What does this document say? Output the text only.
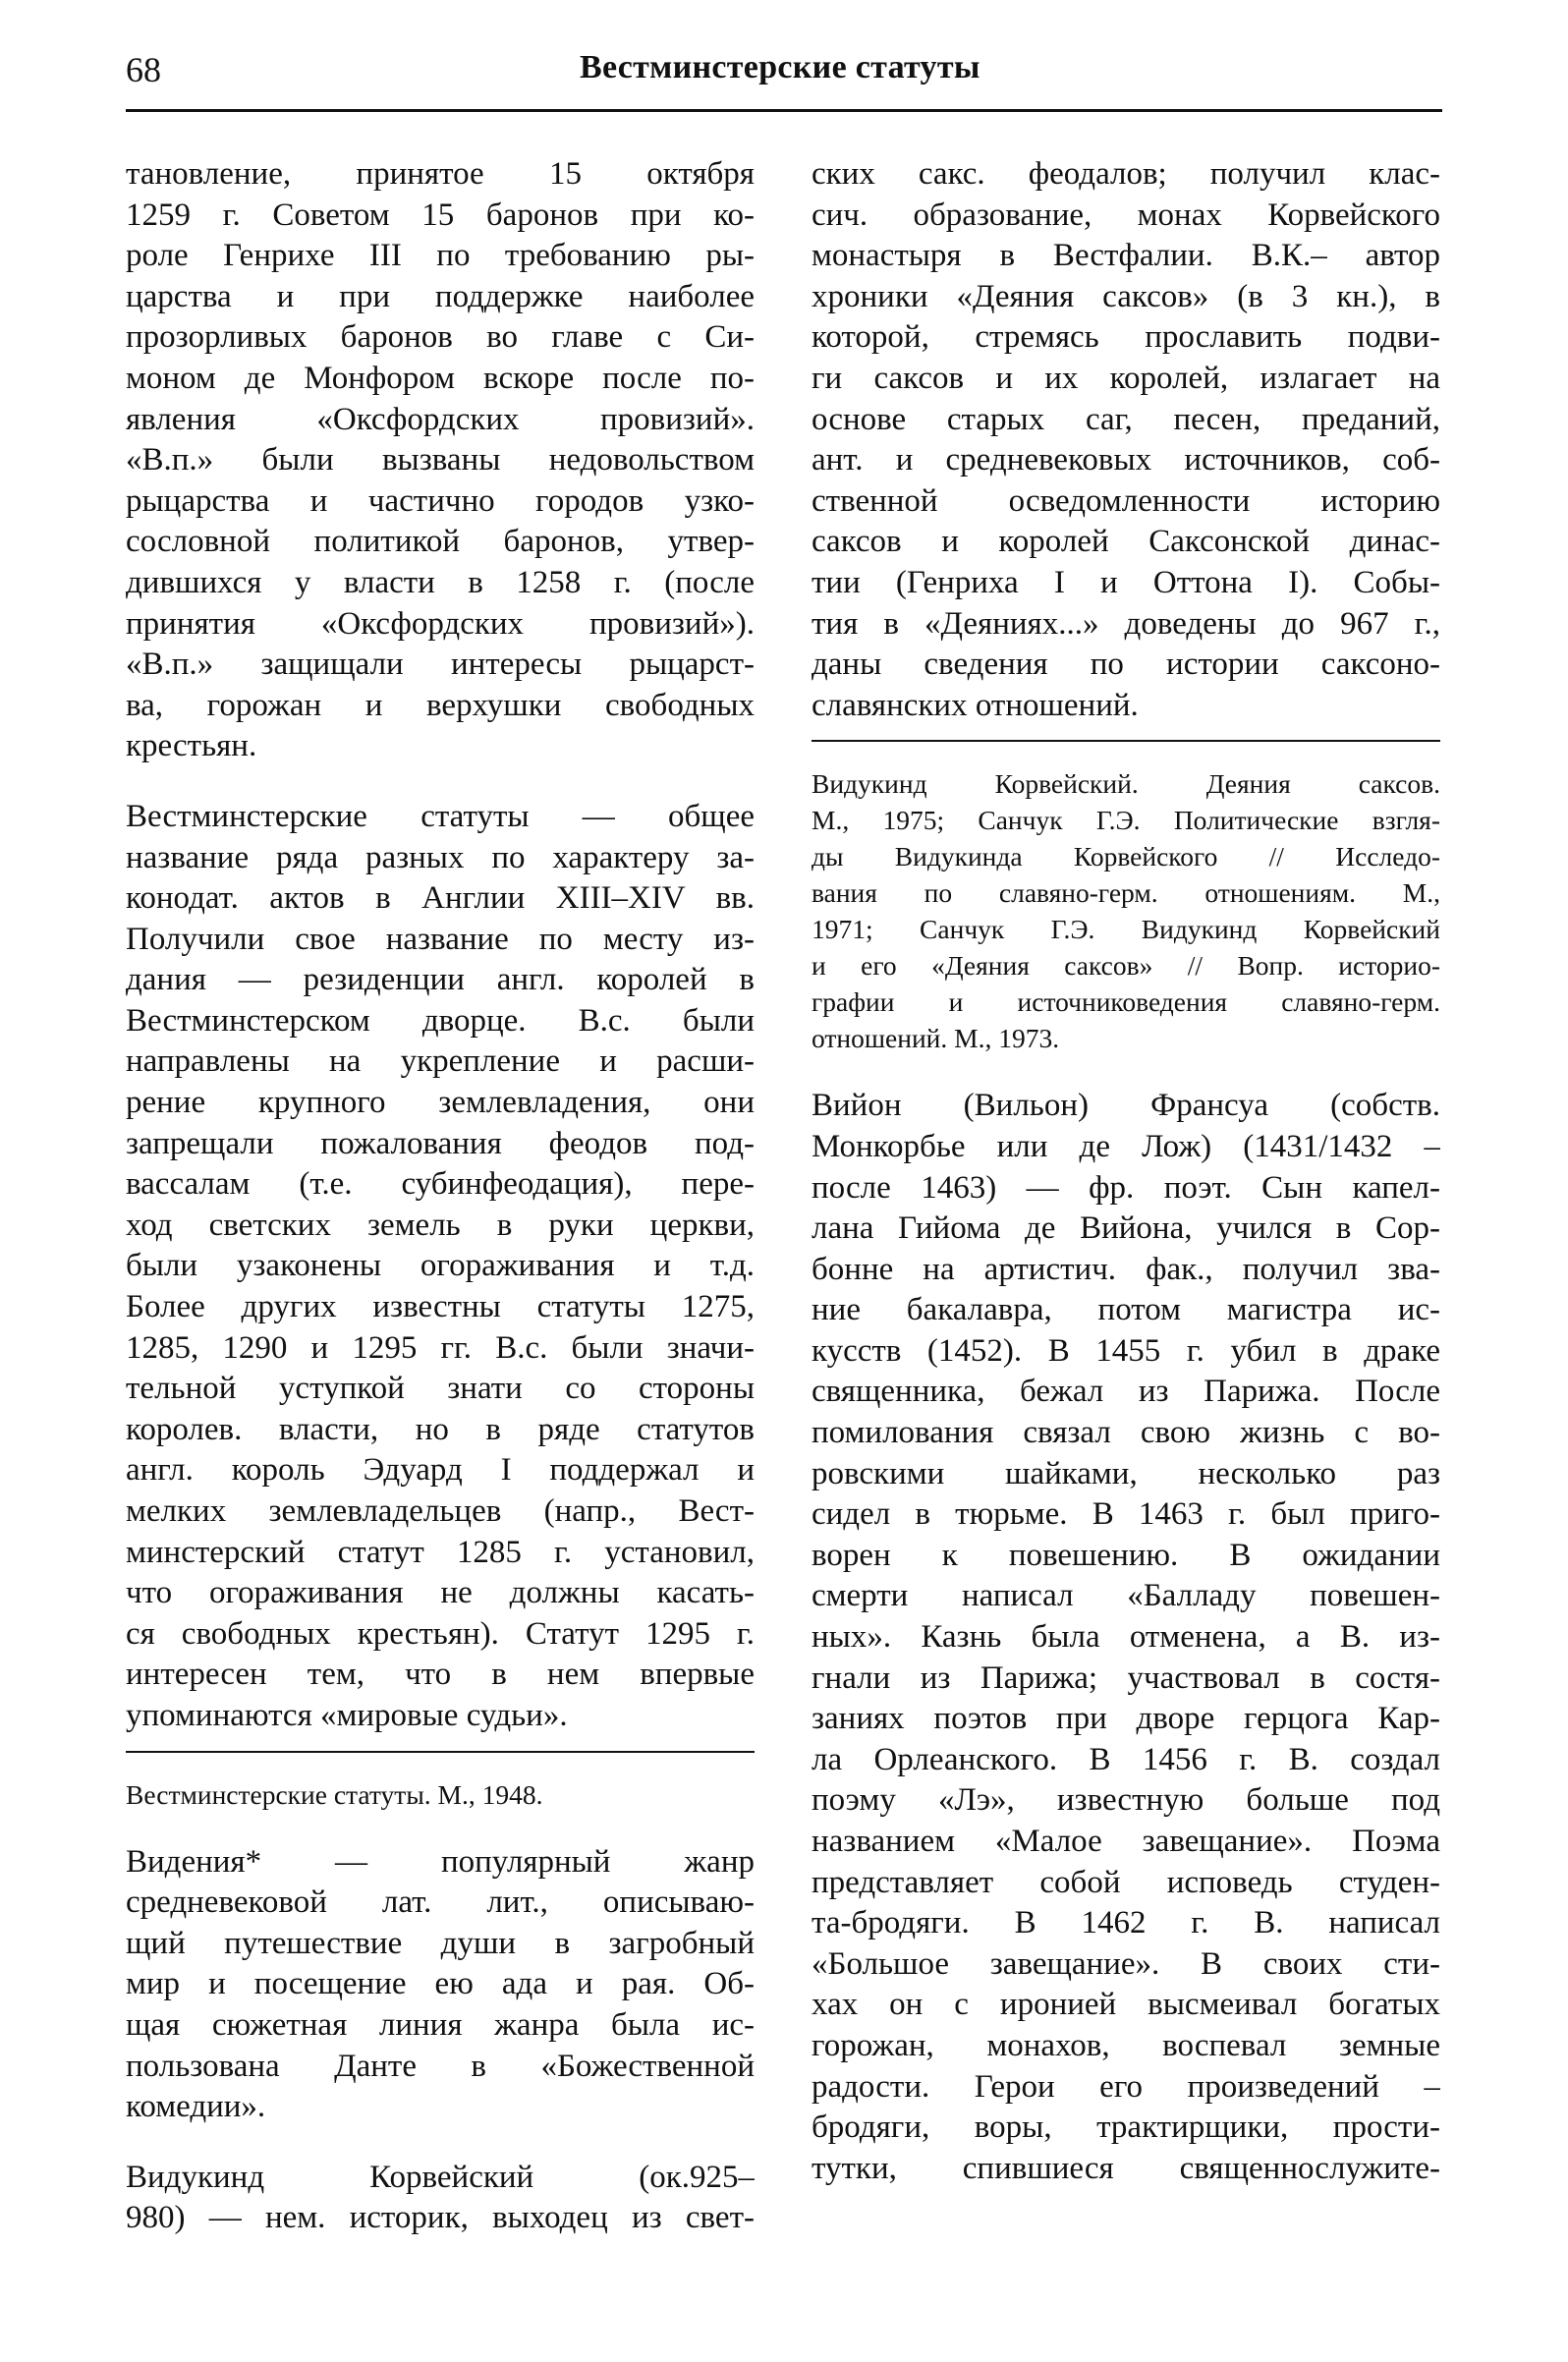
68	Вестминстерские статуты
тановление, принятое 15 октября
1259 г. Советом 15 баронов при ко-
роле Генрихе III по требованию ры-
царства и при поддержке наиболее
прозорливых баронов во главе с Си-
моном де Монфором вскоре после по-
явления «Оксфордских провизий».
«В.п.» были вызваны недовольством
рыцарства и частично городов узко-
сословной политикой баронов, утвер-
дившихся у власти в 1258 г. (после
принятия «Оксфордских провизий»).
«В.п.» защищали интересы рыцарст-
ва, горожан и верхушки свободных
крестьян.
Вестминстерские статуты — общее
название ряда разных по характеру за-
конодат. актов в Англии XIII–XIV вв.
Получили свое название по месту из-
дания — резиденции англ. королей в
Вестминстерском дворце. В.с. были
направлены на укрепление и расши-
рение крупного землевладения, они
запрещали пожалования феодов под-
вассалам (т.е. субинфеодация), пере-
ход светских земель в руки церкви,
были узаконены огораживания и т.д.
Более других известны статуты 1275,
1285, 1290 и 1295 гг. В.с. были значи-
тельной уступкой знати со стороны
королев. власти, но в ряде статутов
англ. король Эдуард I поддержал и
мелких землевладельцев (напр., Вест-
минстерский статут 1285 г. установил,
что огораживания не должны касать-
ся свободных крестьян). Статут 1295 г.
интересен тем, что в нем впервые
упоминаются «мировые судьи».
Вестминстерские статуты. М., 1948.
Видения* — популярный жанр
средневековой лат. лит., описываю-
щий путешествие души в загробный
мир и посещение ею ада и рая. Об-
щая сюжетная линия жанра была ис-
пользована Данте в «Божественной
комедии».
Видукинд Корвейский (ок.925–
980) — нем. историк, выходец из свет-
ских сакс. феодалов; получил клас-
сич. образование, монах Корвейского
монастыря в Вестфалии. В.К.– автор
хроники «Деяния саксов» (в 3 кн.), в
которой, стремясь прославить подви-
ги саксов и их королей, излагает на
основе старых саг, песен, преданий,
ант. и средневековых источников, соб-
ственной осведомленности историю
саксов и королей Саксонской динас-
тии (Генриха I и Оттона I). Собы-
тия в «Деяниях...» доведены до 967 г.,
даны сведения по истории саксоно-
славянских отношений.
Видукинд Корвейский. Деяния саксов.
М., 1975; Санчук Г.Э. Политические взгля-
ды Видукинда Корвейского // Исследо-
вания по славяно-герм. отношениям. М.,
1971; Санчук Г.Э. Видукинд Корвейский
и его «Деяния саксов» // Вопр. историо-
графии и источниковедения славяно-герм.
отношений. М., 1973.
Вийон (Вильон) Франсуа (собств.
Монкорбье или де Лож) (1431/1432 –
после 1463) — фр. поэт. Сын капел-
лана Гийома де Вийона, учился в Сор-
бонне на артистич. фак., получил зва-
ние бакалавра, потом магистра ис-
кусств (1452). В 1455 г. убил в драке
священника, бежал из Парижа. После
помилования связал свою жизнь с во-
ровскими шайками, несколько раз
сидел в тюрьме. В 1463 г. был приго-
ворен к повешению. В ожидании
смерти написал «Балладу повешен-
ных». Казнь была отменена, а В. из-
гнали из Парижа; участвовал в состя-
заниях поэтов при дворе герцога Кар-
ла Орлеанского. В 1456 г. В. создал
поэму «Лэ», известную больше под
названием «Малое завещание». Поэма
представляет собой исповедь студен-
та-бродяги. В 1462 г. В. написал
«Большое завещание». В своих сти-
хах он с иронией высмеивал богатых
горожан, монахов, воспевал земные
радости. Герои его произведений –
бродяги, воры, трактирщики, прости-
тутки, спившиеся священнослужите-
